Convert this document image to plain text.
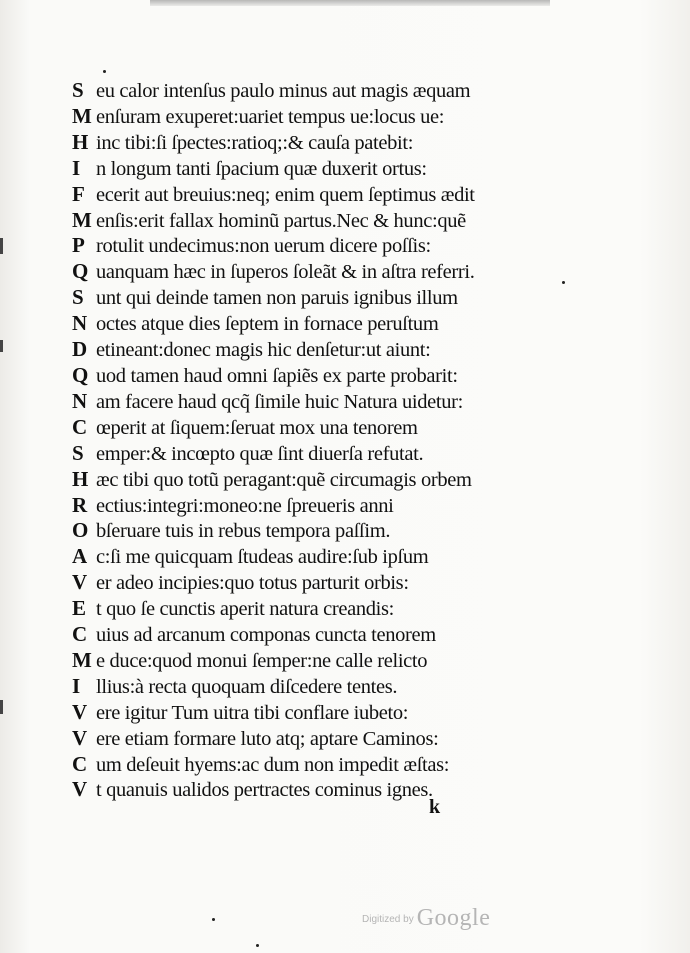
S eu calor intenſus paulo minus aut magis æquam
M enſuram exuperet:uariet tempus ue:locus ue:
H inc tibi:ſi ſpectes:ratioq;:& cauſa patebit:
I n longum tanti ſpacium quæ duxerit ortus:
F ecerit aut breuius:neq; enim quem ſeptimus ædit
M enſis:erit fallax hominũ partus.Nec & hunc:quẽ
P rotulit undecimus:non uerum dicere poſſis:
Q uanquam hæc in ſuperos ſoleãt & in aſtra referri.
S unt qui deinde tamen non paruis ignibus illum
N octes atque dies ſeptem in fornace peruſtum
D etineant:donec magis hic denſetur:ut aiunt:
Q uod tamen haud omni ſapiẽs ex parte probarit:
N am facere haud qcq̃ ſimile huic Natura uidetur:
C œperit at ſiquem:ſeruat mox una tenorem
S emper:& incœpto quæ ſint diuerſa refutat.
H æc tibi quo totũ peragant:quẽ circumagis orbem
R ectius:integri:moneo:ne ſpreueris anni
O bſeruare tuis in rebus tempora paſſim.
A c:ſi me quicquam ſtudeas audire:ſub ipſum
V er adeo incipies:quo totus parturit orbis:
E t quo ſe cunctis aperit natura creandis:
C uius ad arcanum componas cuncta tenorem
M e duce:quod monui ſemper:ne calle relicto
I llius:à recta quoquam diſcedere tentes.
V ere igitur Tum uitra tibi conflare iubeto:
V ere etiam formare luto atq; aptare Caminos:
C um deſeuit hyems:ac dum non impedit æſtas:
V t quanuis ualidos pertractes cominus ignes.
k
Digitized by Google
